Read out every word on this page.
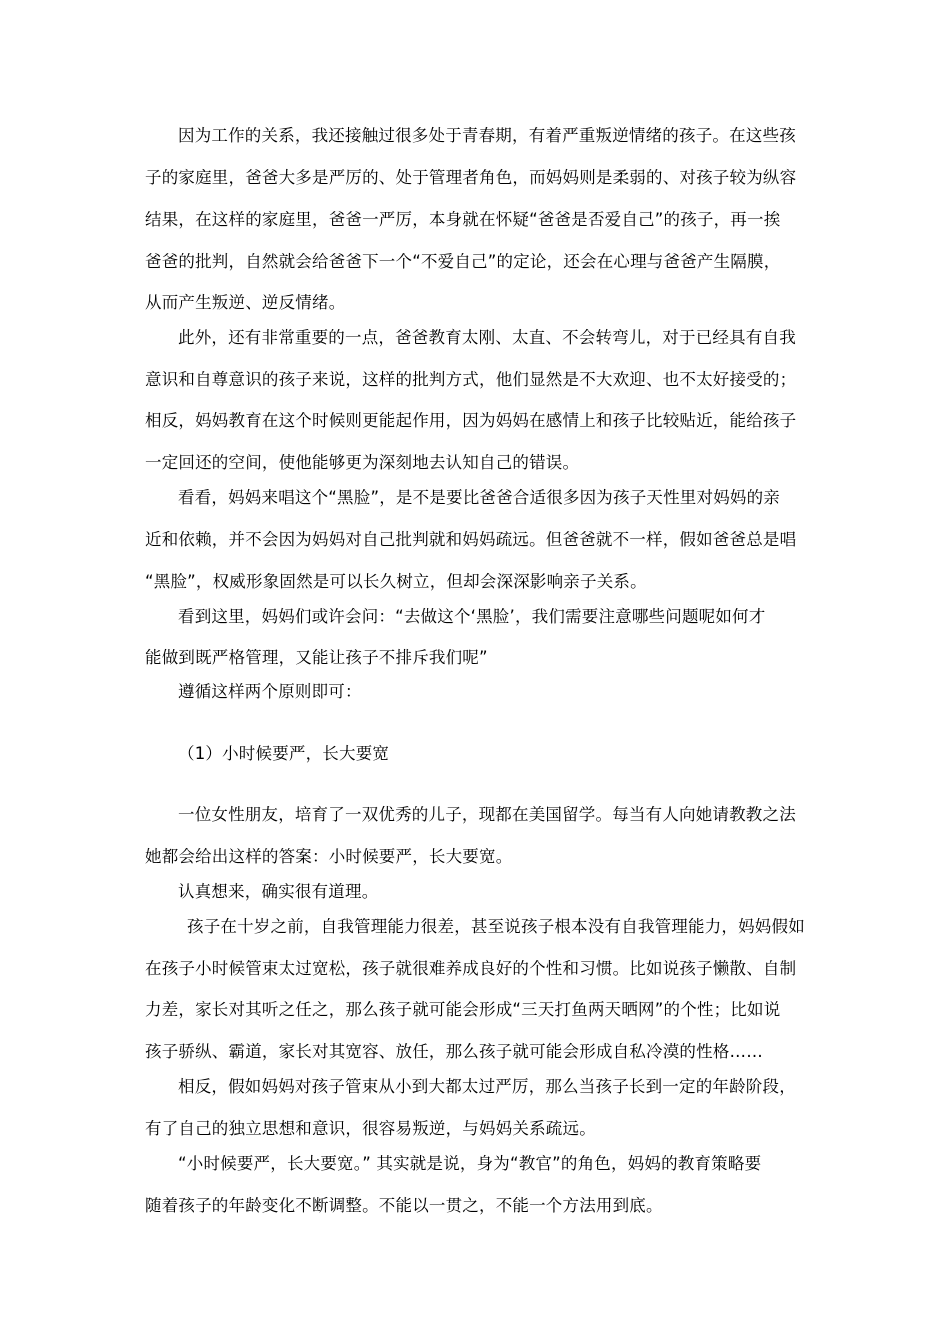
因为工作的关系，我还接触过很多处于青春期，有着严重叛逆情绪的孩子。在这些孩
子的家庭里，爸爸大多是严厉的、处于管理者角色，而妈妈则是柔弱的、对孩子较为纵容
结果，在这样的家庭里，爸爸一严厉，本身就在怀疑“爸爸是否爱自己”的孩子，再一挨
爸爸的批判，自然就会给爸爸下一个“不爱自己”的定论，还会在心理与爸爸产生隔膜，
从而产生叛逆、逆反情绪。
此外，还有非常重要的一点，爸爸教育太刚、太直、不会转弯儿，对于已经具有自我
意识和自尊意识的孩子来说，这样的批判方式，他们显然是不大欢迎、也不太好接受的；
相反，妈妈教育在这个时候则更能起作用，因为妈妈在感情上和孩子比较贴近，能给孩子
一定回还的空间，使他能够更为深刻地去认知自己的错误。
看看，妈妈来唱这个“黑脸”，是不是要比爸爸合适很多因为孩子天性里对妈妈的亲
近和依赖，并不会因为妈妈对自己批判就和妈妈疏远。但爸爸就不一样，假如爸爸总是唱
“黑脸”，权威形象固然是可以长久树立，但却会深深影响亲子关系。
看到这里，妈妈们或许会问：“去做这个‘黑脸’，我们需要注意哪些问题呢如何才
能做到既严格管理，又能让孩子不排斥我们呢”
遵循这样两个原则即可：
（1）小时候要严，长大要宽
一位女性朋友，培育了一双优秀的儿子，现都在美国留学。每当有人向她请教教之法
她都会给出这样的答案：小时候要严，长大要宽。
认真想来，确实很有道理。
孩子在十岁之前，自我管理能力很差，甚至说孩子根本没有自我管理能力，妈妈假如
在孩子小时候管束太过宽松，孩子就很难养成良好的个性和习惯。比如说孩子懒散、自制
力差，家长对其听之任之，那么孩子就可能会形成“三天打鱼两天晒网”的个性；比如说
孩子骄纵、霸道，家长对其宽容、放任，那么孩子就可能会形成自私冷漠的性格……
相反，假如妈妈对孩子管束从小到大都太过严厉，那么当孩子长到一定的年龄阶段，
有了自己的独立思想和意识，很容易叛逆，与妈妈关系疏远。
“小时候要严，长大要宽。” 其实就是说，身为“教官”的角色，妈妈的教育策略要
随着孩子的年龄变化不断调整。不能以一贯之，不能一个方法用到底。
